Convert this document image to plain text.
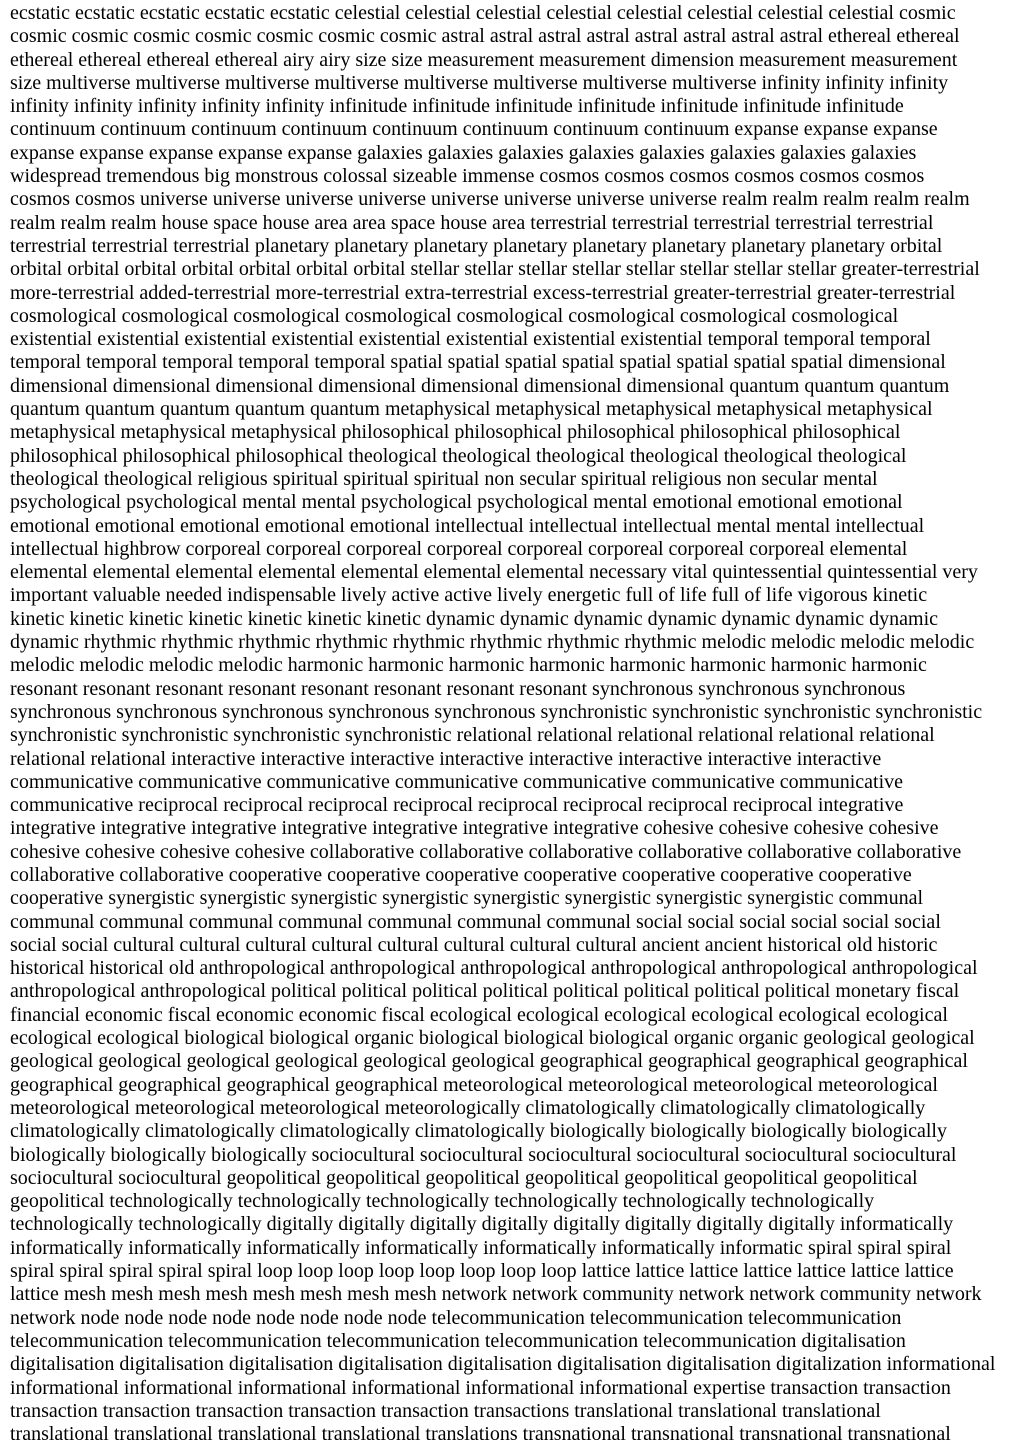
ecstatic ecstatic ecstatic ecstatic ecstatic celestial celestial celestial celestial celestial celestial celestial celestial cosmic
cosmic cosmic cosmic cosmic cosmic cosmic cosmic astral astral astral astral astral astral astral astral ethereal ethereal
ethereal ethereal ethereal ethereal airy airy size size measurement measurement dimension measurement measurement
size multiverse multiverse multiverse multiverse multiverse multiverse multiverse multiverse infinity infinity infinity
infinity infinity infinity infinity infinity infinitude infinitude infinitude infinitude infinitude infinitude infinitude
continuum continuum continuum continuum continuum continuum continuum continuum expanse expanse expanse
expanse expanse expanse expanse expanse galaxies galaxies galaxies galaxies galaxies galaxies galaxies galaxies
widespread tremendous big monstrous colossal sizeable immense cosmos cosmos cosmos cosmos cosmos cosmos
cosmos cosmos universe universe universe universe universe universe universe universe realm realm realm realm realm
realm realm realm house space house area area space house area terrestrial terrestrial terrestrial terrestrial terrestrial
terrestrial terrestrial terrestrial planetary planetary planetary planetary planetary planetary planetary planetary orbital
orbital orbital orbital orbital orbital orbital orbital stellar stellar stellar stellar stellar stellar stellar stellar greater-terrestrial
more-terrestrial added-terrestrial more-terrestrial extra-terrestrial excess-terrestrial greater-terrestrial greater-terrestrial
cosmological cosmological cosmological cosmological cosmological cosmological cosmological cosmological
existential existential existential existential existential existential existential existential temporal temporal temporal
temporal temporal temporal temporal temporal spatial spatial spatial spatial spatial spatial spatial spatial dimensional
dimensional dimensional dimensional dimensional dimensional dimensional dimensional quantum quantum quantum
quantum quantum quantum quantum quantum metaphysical metaphysical metaphysical metaphysical metaphysical
metaphysical metaphysical metaphysical philosophical philosophical philosophical philosophical philosophical
philosophical philosophical philosophical theological theological theological theological theological theological
theological theological religious spiritual spiritual spiritual non secular spiritual religious non secular mental
psychological psychological mental mental psychological psychological mental emotional emotional emotional
emotional emotional emotional emotional emotional intellectual intellectual intellectual mental mental intellectual
intellectual highbrow corporeal corporeal corporeal corporeal corporeal corporeal corporeal corporeal elemental
elemental elemental elemental elemental elemental elemental elemental necessary vital quintessential quintessential very
important valuable needed indispensable lively active active lively energetic full of life full of life vigorous kinetic
kinetic kinetic kinetic kinetic kinetic kinetic kinetic dynamic dynamic dynamic dynamic dynamic dynamic dynamic
dynamic rhythmic rhythmic rhythmic rhythmic rhythmic rhythmic rhythmic rhythmic melodic melodic melodic melodic
melodic melodic melodic melodic harmonic harmonic harmonic harmonic harmonic harmonic harmonic harmonic
resonant resonant resonant resonant resonant resonant resonant resonant synchronous synchronous synchronous
synchronous synchronous synchronous synchronous synchronous synchronistic synchronistic synchronistic synchronistic
synchronistic synchronistic synchronistic synchronistic relational relational relational relational relational relational
relational relational interactive interactive interactive interactive interactive interactive interactive interactive
communicative communicative communicative communicative communicative communicative communicative
communicative reciprocal reciprocal reciprocal reciprocal reciprocal reciprocal reciprocal reciprocal integrative
integrative integrative integrative integrative integrative integrative integrative cohesive cohesive cohesive cohesive
cohesive cohesive cohesive cohesive collaborative collaborative collaborative collaborative collaborative collaborative
collaborative collaborative cooperative cooperative cooperative cooperative cooperative cooperative cooperative
cooperative synergistic synergistic synergistic synergistic synergistic synergistic synergistic synergistic communal
communal communal communal communal communal communal communal social social social social social social
social social cultural cultural cultural cultural cultural cultural cultural cultural ancient ancient historical old historic
historical historical old anthropological anthropological anthropological anthropological anthropological anthropological
anthropological anthropological political political political political political political political political monetary fiscal
financial economic fiscal economic economic fiscal ecological ecological ecological ecological ecological ecological
ecological ecological biological biological organic biological biological biological organic organic geological geological
geological geological geological geological geological geological geographical geographical geographical geographical
geographical geographical geographical geographical meteorological meteorological meteorological meteorological
meteorological meteorological meteorological meteorologically climatologically climatologically climatologically
climatologically climatologically climatologically climatologically biologically biologically biologically biologically
biologically biologically biologically sociocultural sociocultural sociocultural sociocultural sociocultural sociocultural
sociocultural sociocultural geopolitical geopolitical geopolitical geopolitical geopolitical geopolitical geopolitical
geopolitical technologically technologically technologically technologically technologically technologically
technologically technologically digitally digitally digitally digitally digitally digitally digitally digitally informatically
informatically informatically informatically informatically informatically informatically informatic spiral spiral spiral
spiral spiral spiral spiral spiral loop loop loop loop loop loop loop loop lattice lattice lattice lattice lattice lattice lattice
lattice mesh mesh mesh mesh mesh mesh mesh mesh network network community network network community network
network node node node node node node node node telecommunication telecommunication telecommunication
telecommunication telecommunication telecommunication telecommunication telecommunication digitalisation
digitalisation digitalisation digitalisation digitalisation digitalisation digitalisation digitalisation digitalization informational
informational informational informational informational informational informational expertise transaction transaction
transaction transaction transaction transaction transaction transactions translational translational translational
translational translational translational translational translations transnational transnational transnational transnational
